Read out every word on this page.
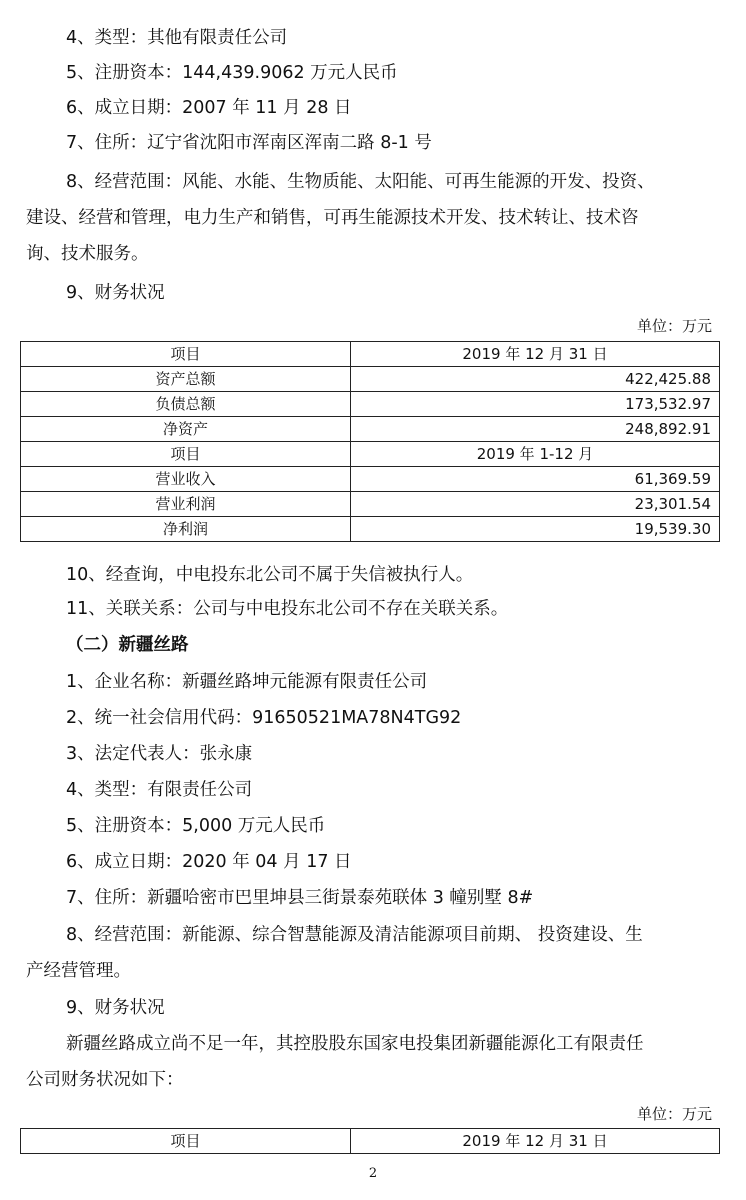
4、类型：其他有限责任公司
5、注册资本：144,439.9062 万元人民币
6、成立日期：2007 年 11 月 28 日
7、住所：辽宁省沈阳市浑南区浑南二路 8-1 号
8、经营范围：风能、水能、生物质能、太阳能、可再生能源的开发、投资、
建设、经营和管理，电力生产和销售，可再生能源技术开发、技术转让、技术咨
询、技术服务。
9、财务状况
单位：万元
项目	2019 年 12 月 31 日
资产总额	422,425.88
负债总额	173,532.97
净资产	248,892.91
项目	2019 年 1-12 月
营业收入	61,369.59
营业利润	23,301.54
净利润	19,539.30
10、经查询，中电投东北公司不属于失信被执行人。
11、关联关系：公司与中电投东北公司不存在关联关系。
（二）新疆丝路
1、企业名称：新疆丝路坤元能源有限责任公司
2、统一社会信用代码：91650521MA78N4TG92
3、法定代表人：张永康
4、类型：有限责任公司
5、注册资本：5,000 万元人民币
6、成立日期：2020 年 04 月 17 日
7、住所：新疆哈密市巴里坤县三街景泰苑联体 3 幢别墅 8#
8、经营范围：新能源、综合智慧能源及清洁能源项目前期、 投资建设、生
产经营管理。
9、财务状况
新疆丝路成立尚不足一年，其控股股东国家电投集团新疆能源化工有限责任
公司财务状况如下：
单位：万元
项目	2019 年 12 月 31 日
2
